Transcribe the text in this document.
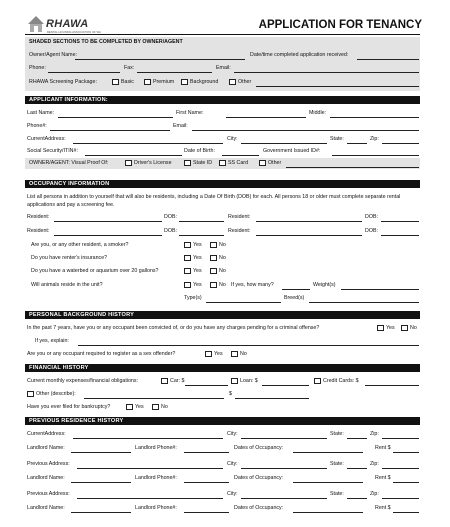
RHAWA
RENTAL HOUSING ASSOCIATION OF WA
APPLICATION FOR TENANCY
SHADED SECTIONS TO BE COMPLETED BY OWNER/AGENT
Owner/Agent Name:	Date/time completed application received:
Phone:	Fax:	Email:
RHAWA Screening Package:	Basic	Premium	Background	Other
APPLICANT INFORMATION:
Last Name:	First Name:	Middle:
Phone#:	Email:
CurrentAddress:	City:	State:	Zip:
Social Security/ITIN#:	Date of Birth:	Government Issued ID#:
OWNER/AGENT: Visual Proof Of:	Driver's License	State ID	SS Card	Other
OCCUPANCY INFORMATION
List all persons in addition to yourself that will also be residents, including a Date Of Birth (DOB) for each. All persons 18 or older must complete separate rental applications and pay a screening fee.
Resident:	DOB:	Resident:	DOB:
Resident:	DOB:	Resident:	DOB:
Are you, or any other resident, a smoker?	Yes	No
Do you have renter's insurance?	Yes	No
Do you have a waterbed or aquarium over 20 gallons?	Yes	No
Will animals reside in the unit?	Yes	No If yes, how many?	Weight(s)
Type(s)	Breed(s)
PERSONAL BACKGROUND HISTORY
In the past 7 years, have you or any occupant been convicted of, or do you have any charges pending for a criminal offense?	Yes	No
If yes, explain:
Are you or any occupant required to register as a sex offender?	Yes	No
FINANCIAL HISTORY
Current monthly expenses/financial obligations:	Car: $	Loan: $	Credit Cards: $
Other (describe):	$
Have you ever filed for bankruptcy?	Yes	No
PREVIOUS RESIDENCE HISTORY
CurrentAddress:	City:	State:	Zip:
Landlord Name:	Landlord Phone#:	Dates of Occupancy:	Rent $
Previous Address:	City:	State:	Zip:
Landlord Name:	Landlord Phone#:	Dates of Occupancy:	Rent $
Previous Address:	City:	State:	Zip:
Landlord Name:	Landlord Phone#:	Dates of Occupancy:	Rent $
